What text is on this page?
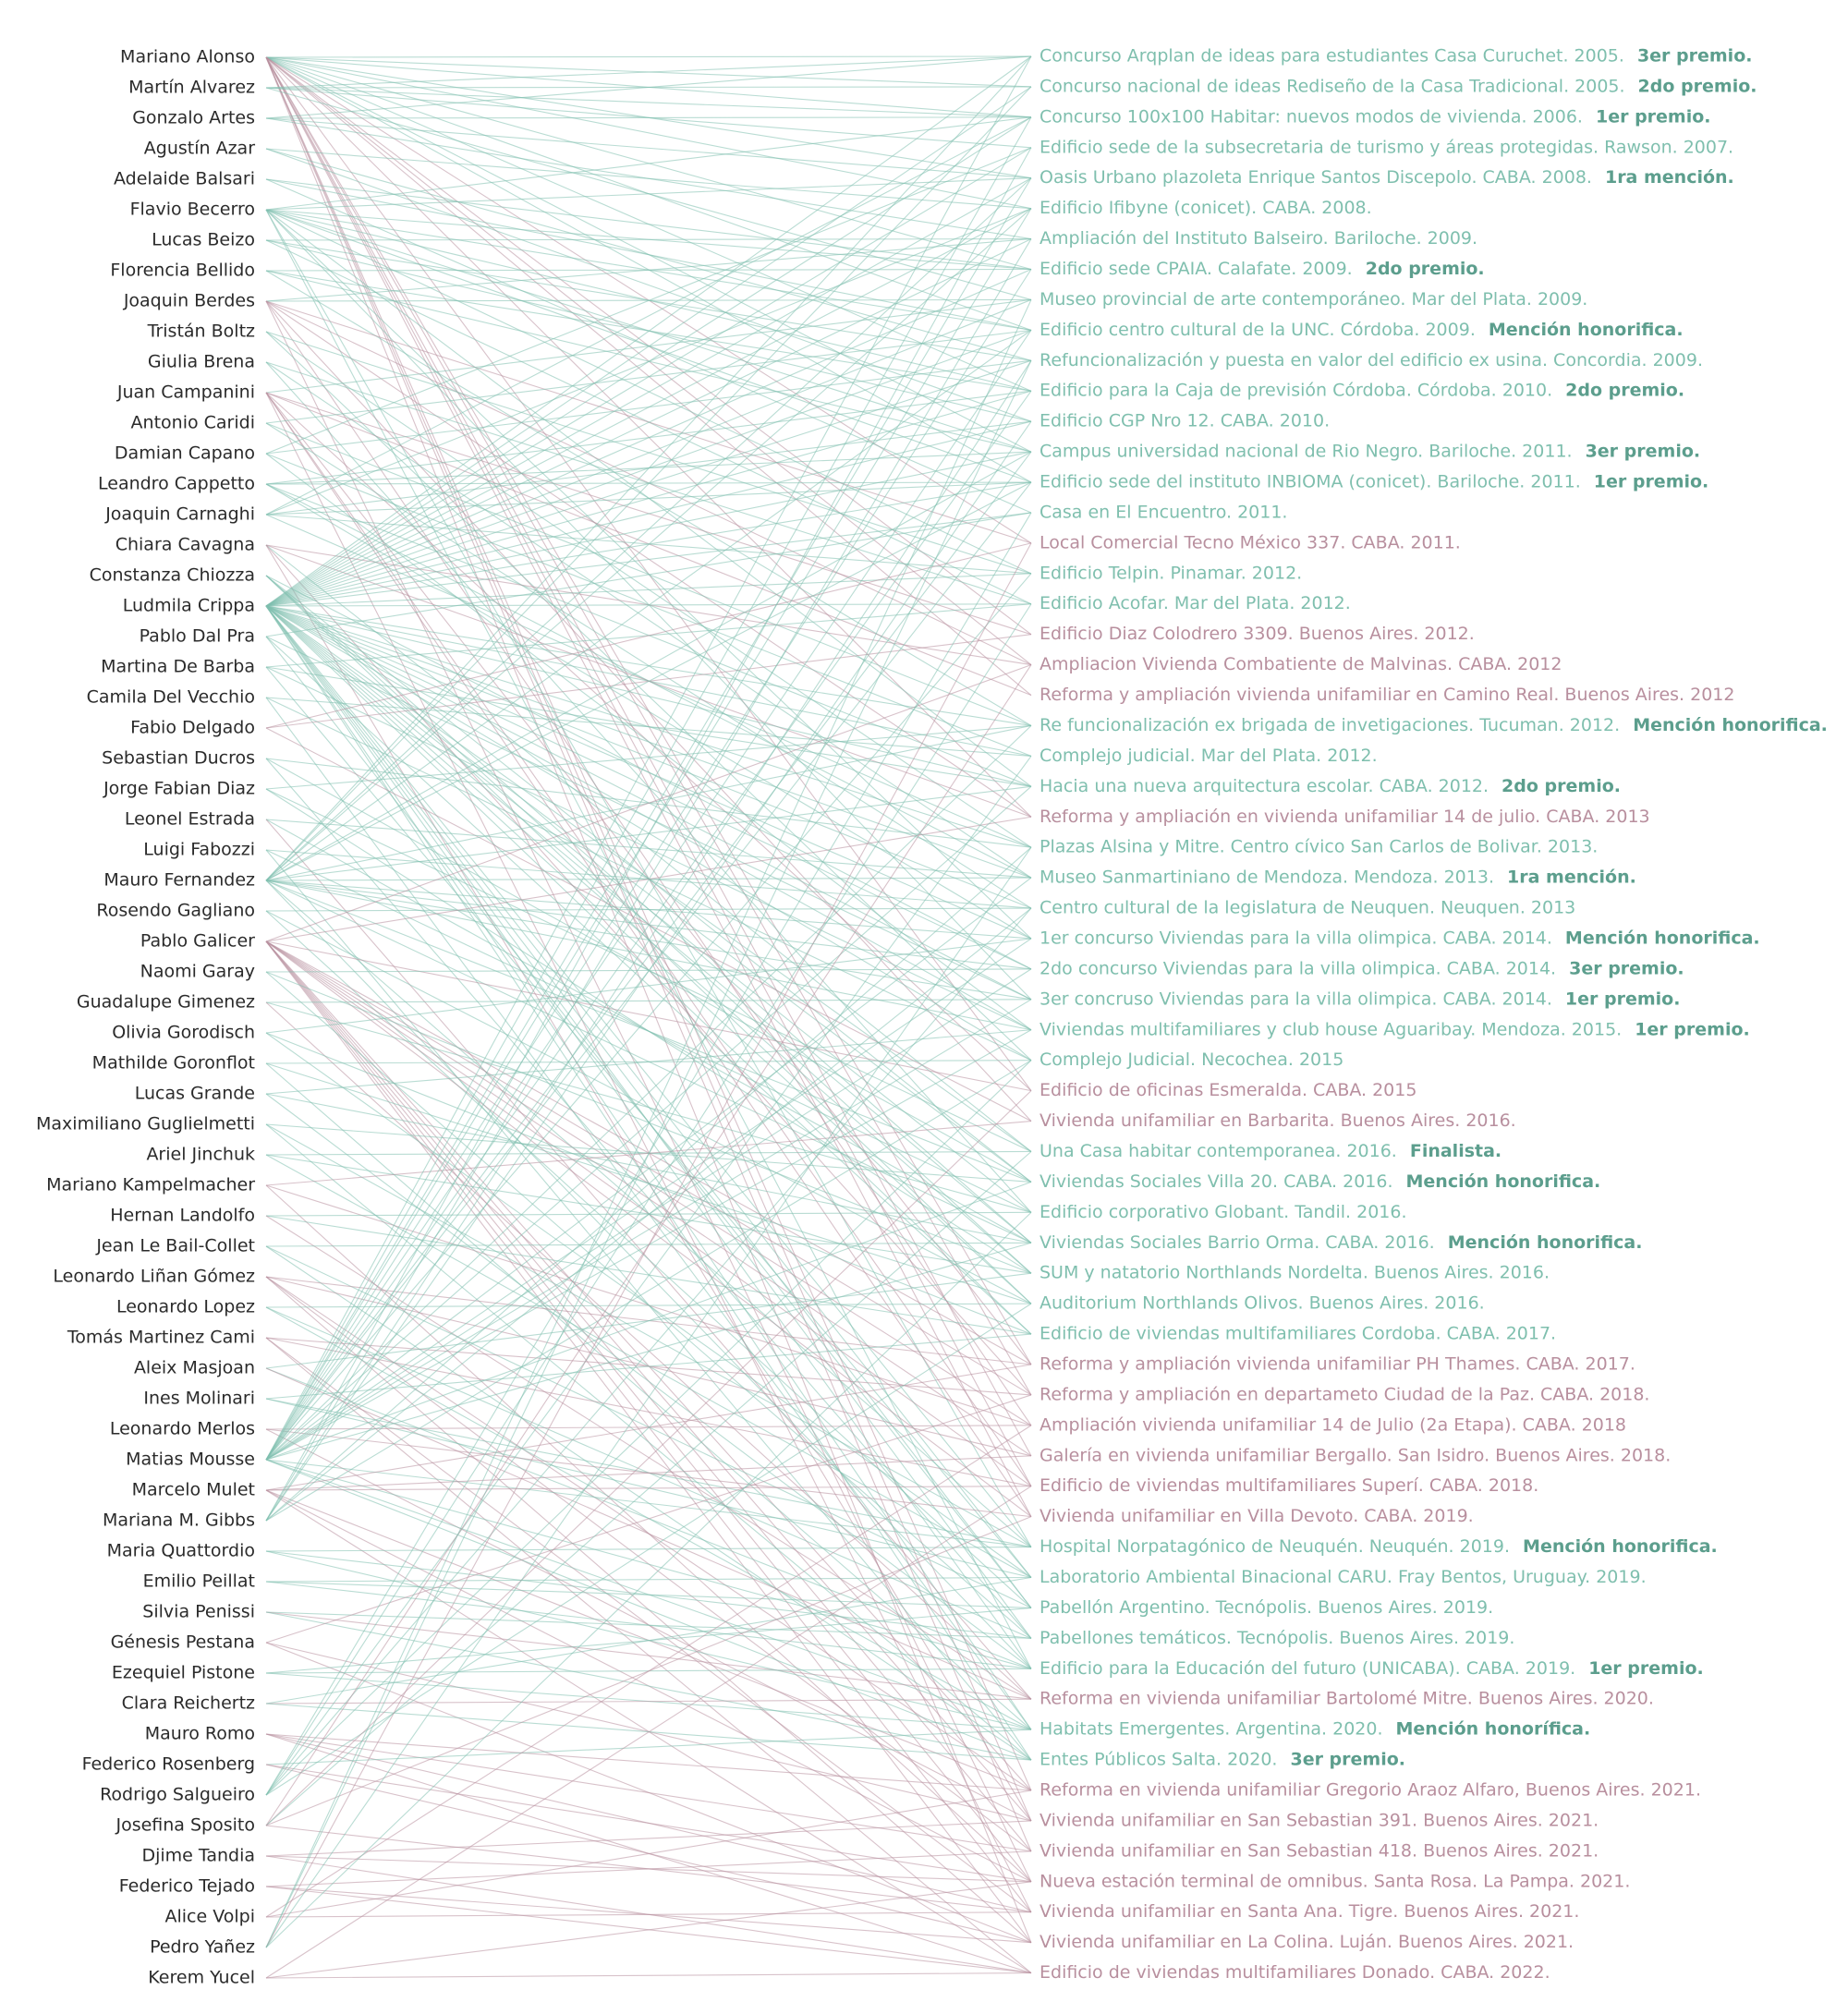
Mariano Alonso
Martín Alvarez
Gonzalo Artes
Agustín Azar
Adelaide Balsari
Flavio Becerro
Lucas Beizo
Florencia Bellido
Joaquin Berdes
Tristán Boltz
Giulia Brena
Juan Campanini
Antonio Caridi
Damian Capano
Leandro Cappetto
Joaquin Carnaghi
Chiara Cavagna
Constanza Chiozza
Ludmila Crippa
Pablo Dal Pra
Martina De Barba
Camila Del Vecchio
Fabio Delgado
Sebastian Ducros
Jorge Fabian Diaz
Leonel Estrada
Luigi Fabozzi
Mauro Fernandez
Rosendo Gagliano
Pablo Galicer
Naomi Garay
Guadalupe Gimenez
Olivia Gorodisch
Mathilde Goronflot
Lucas Grande
Maximiliano Guglielmetti
Ariel Jinchuk
Mariano Kampelmacher
Hernan Landolfo
Jean Le Bail-Collet
Leonardo Liñan Gómez
Leonardo Lopez
Tomás Martinez Cami
Aleix Masjoan
Ines Molinari
Leonardo Merlos
Matias Mousse
Marcelo Mulet
Mariana M. Gibbs
Maria Quattordio
Emilio Peillat
Silvia Penissi
Génesis Pestana
Ezequiel Pistone
Clara Reichertz
Mauro Romo
Federico Rosenberg
Rodrigo Salgueiro
Josefina Sposito
Djime Tandia
Federico Tejado
Alice Volpi
Pedro Yañez
Kerem Yucel
Concurso Arqplan de ideas para estudiantes Casa Curuchet. 2005. 3er premio.
Concurso nacional de ideas Rediseño de la Casa Tradicional. 2005. 2do premio.
Concurso 100x100 Habitar: nuevos modos de vivienda. 2006. 1er premio.
Edificio sede de la subsecretaria de turismo y áreas protegidas. Rawson. 2007.
Oasis Urbano plazoleta Enrique Santos Discepolo. CABA. 2008. 1ra mención.
Edificio Ifibyne (conicet). CABA. 2008.
Ampliación del Instituto Balseiro. Bariloche. 2009.
Edificio sede CPAIA. Calafate. 2009. 2do premio.
Museo provincial de arte contemporáneo. Mar del Plata. 2009.
Edificio centro cultural de la UNC. Córdoba. 2009. Mención honorifica.
Refuncionalización y puesta en valor del edificio ex usina. Concordia. 2009.
Edificio para la Caja de previsión Córdoba. Córdoba. 2010. 2do premio.
Edificio CGP Nro 12. CABA. 2010.
Campus universidad nacional de Rio Negro. Bariloche. 2011. 3er premio.
Edificio sede del instituto INBIOMA (conicet). Bariloche. 2011. 1er premio.
Casa en El Encuentro. 2011.
Local Comercial Tecno México 337. CABA. 2011.
Edificio Telpin. Pinamar. 2012.
Edificio Acofar. Mar del Plata. 2012.
Edificio Diaz Colodrero 3309. Buenos Aires. 2012.
Ampliacion Vivienda Combatiente de Malvinas. CABA. 2012
Reforma y ampliación vivienda unifamiliar en Camino Real. Buenos Aires. 2012
Re funcionalización ex brigada de invetigaciones. Tucuman. 2012. Mención honorifica.
Complejo judicial. Mar del Plata. 2012.
Hacia una nueva arquitectura escolar. CABA. 2012. 2do premio.
Reforma y ampliación en vivienda unifamiliar 14 de julio. CABA. 2013
Plazas Alsina y Mitre. Centro cívico San Carlos de Bolivar. 2013.
Museo Sanmartiniano de Mendoza. Mendoza. 2013. 1ra mención.
Centro cultural de la legislatura de Neuquen. Neuquen. 2013
1er concurso Viviendas para la villa olimpica. CABA. 2014. Mención honorifica.
2do concurso Viviendas para la villa olimpica. CABA. 2014. 3er premio.
3er concruso Viviendas para la villa olimpica. CABA. 2014. 1er premio.
Viviendas multifamiliares y club house Aguaribay. Mendoza. 2015. 1er premio.
Complejo Judicial. Necochea. 2015
Edificio de oficinas Esmeralda. CABA. 2015
Vivienda unifamiliar en Barbarita. Buenos Aires. 2016.
Una Casa habitar contemporanea. 2016. Finalista.
Viviendas Sociales Villa 20. CABA. 2016. Mención honorifica.
Edificio corporativo Globant. Tandil. 2016.
Viviendas Sociales Barrio Orma. CABA. 2016. Mención honorifica.
SUM y natatorio Northlands Nordelta. Buenos Aires. 2016.
Auditorium Northlands Olivos. Buenos Aires. 2016.
Edificio de viviendas multifamiliares Cordoba. CABA. 2017.
Reforma y ampliación vivienda unifamiliar PH Thames. CABA. 2017.
Reforma y ampliación en departameto Ciudad de la Paz. CABA. 2018.
Ampliación vivienda unifamiliar 14 de Julio (2a Etapa). CABA. 2018
Galería en vivienda unifamiliar Bergallo. San Isidro. Buenos Aires. 2018.
Edificio de viviendas multifamiliares Superí. CABA. 2018.
Vivienda unifamiliar en Villa Devoto. CABA. 2019.
Hospital Norpatagónico de Neuquén. Neuquén. 2019. Mención honorifica.
Laboratorio Ambiental Binacional CARU. Fray Bentos, Uruguay. 2019.
Pabellón Argentino. Tecnópolis. Buenos Aires. 2019.
Pabellones temáticos. Tecnópolis. Buenos Aires. 2019.
Edificio para la Educación del futuro (UNICABA). CABA. 2019. 1er premio.
Reforma en vivienda unifamiliar Bartolomé Mitre. Buenos Aires. 2020.
Habitats Emergentes. Argentina. 2020. Mención honorífica.
Entes Públicos Salta. 2020. 3er premio.
Reforma en vivienda unifamiliar Gregorio Araoz Alfaro, Buenos Aires. 2021.
Vivienda unifamiliar en San Sebastian 391. Buenos Aires. 2021.
Vivienda unifamiliar en San Sebastian 418. Buenos Aires. 2021.
Nueva estación terminal de omnibus. Santa Rosa. La Pampa. 2021.
Vivienda unifamiliar en Santa Ana. Tigre. Buenos Aires. 2021.
Vivienda unifamiliar en La Colina. Luján. Buenos Aires. 2021.
Edificio de viviendas multifamiliares Donado. CABA. 2022.
